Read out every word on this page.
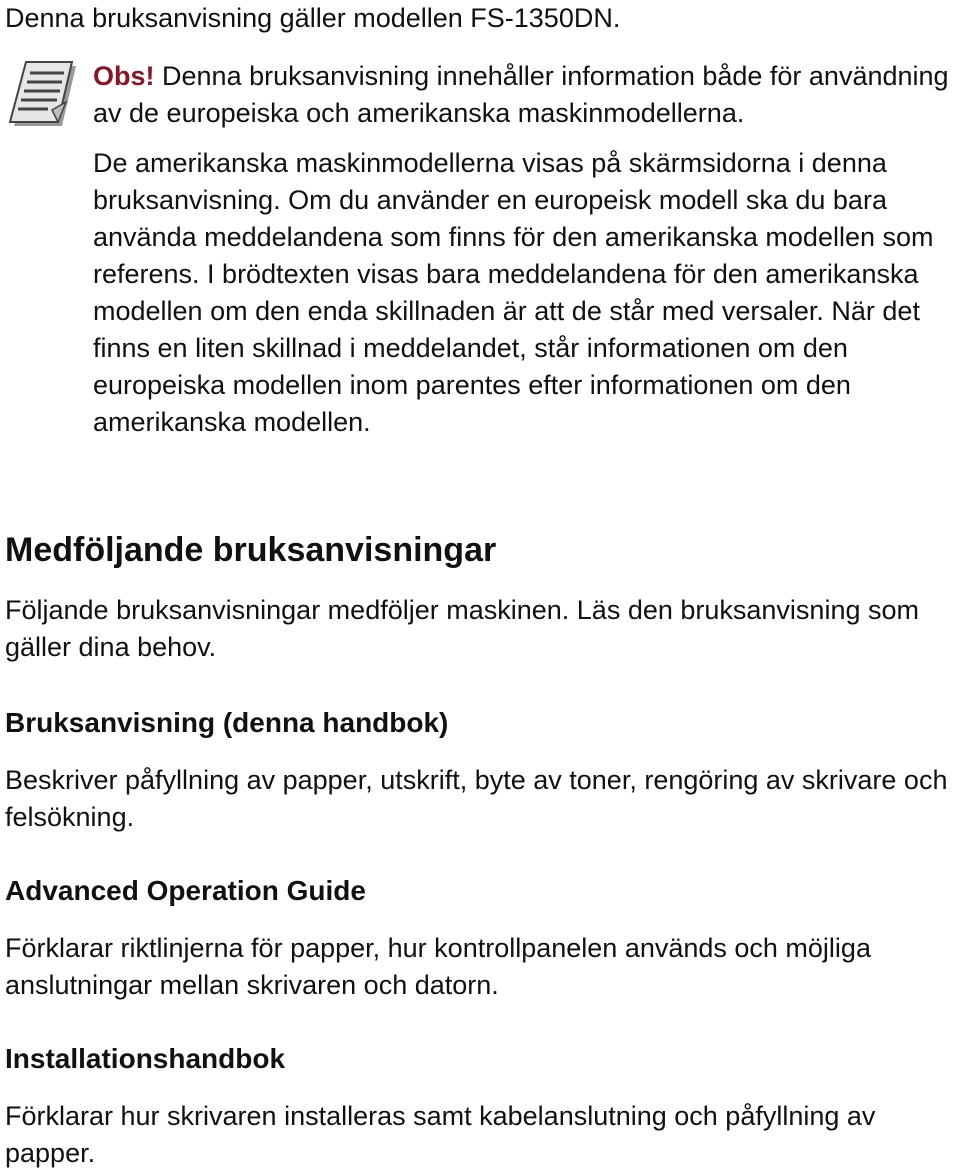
Denna bruksanvisning gäller modellen FS-1350DN.

Obs! Denna bruksanvisning innehåller information både för användning av de europeiska och amerikanska maskinmodellerna.

De amerikanska maskinmodellerna visas på skärmsidorna i denna bruksanvisning. Om du använder en europeisk modell ska du bara använda meddelandena som finns för den amerikanska modellen som referens. I brödtexten visas bara meddelandena för den amerikanska modellen om den enda skillnaden är att de står med versaler. När det finns en liten skillnad i meddelandet, står informationen om den europeiska modellen inom parentes efter informationen om den amerikanska modellen.

Medföljande bruksanvisningar

Följande bruksanvisningar medföljer maskinen. Läs den bruksanvisning som gäller dina behov.

Bruksanvisning (denna handbok)

Beskriver påfyllning av papper, utskrift, byte av toner, rengöring av skrivare och felsökning.

Advanced Operation Guide

Förklarar riktlinjerna för papper, hur kontrollpanelen används och möjliga anslutningar mellan skrivaren och datorn.

Installationshandbok

Förklarar hur skrivaren installeras samt kabelanslutning och påfyllning av papper.
